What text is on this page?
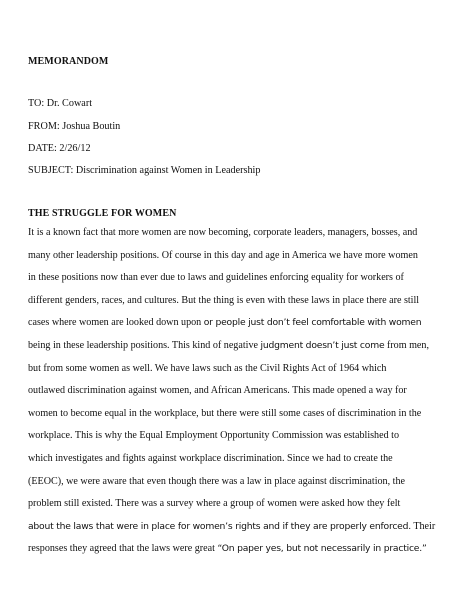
MEMORANDOM
TO: Dr. Cowart
FROM: Joshua Boutin
DATE: 2/26/12
SUBJECT: Discrimination against Women in Leadership
THE STRUGGLE FOR WOMEN
It is a known fact that more women are now becoming, corporate leaders, managers, bosses, and
many other leadership positions. Of course in this day and age in America we have more women
in these positions now than ever due to laws and guidelines enforcing equality for workers of
different genders, races, and cultures. But the thing is even with these laws in place there are still
cases where women are looked down upon or people just don’t feel comfortable with women
being in these leadership positions. This kind of negative judgment doesn’t just come from men,
but from some women as well. We have laws such as the Civil Rights Act of 1964 which
outlawed discrimination against women, and African Americans. This made opened a way for
women to become equal in the workplace, but there were still some cases of discrimination in the
workplace. This is why the Equal Employment Opportunity Commission was established to
which investigates and fights against workplace discrimination. Since we had to create the
(EEOC), we were aware that even though there was a law in place against discrimination, the
problem still existed. There was a survey where a group of women were asked how they felt
about the laws that were in place for women’s rights and if they are properly enforced. Their
responses they agreed that the laws were great “On paper yes, but not necessarily in practice.”
